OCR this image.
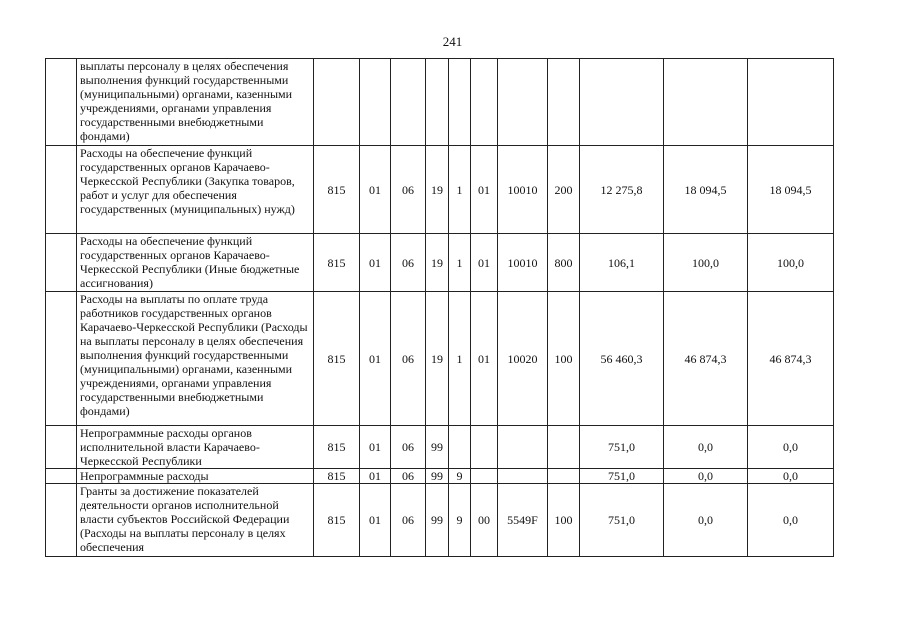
241
	выплаты персоналу в целях обеспечения выполнения функций государственными (муниципальными) органами, казенными учреждениями, органами управления государственными внебюджетными фондами)											
	Расходы на обеспечение функций государственных органов Карачаево-Черкесской Республики (Закупка товаров, работ и услуг для обеспечения государственных (муниципальных) нужд)	815	01	06	19	1	01	10010	200	12 275,8	18 094,5	18 094,5
	Расходы на обеспечение функций государственных органов Карачаево-Черкесской Республики (Иные бюджетные ассигнования)	815	01	06	19	1	01	10010	800	106,1	100,0	100,0
	Расходы на выплаты по оплате труда работников государственных органов Карачаево-Черкесской Республики (Расходы на выплаты персоналу в целях обеспечения выполнения функций государственными (муниципальными) органами, казенными учреждениями, органами управления государственными внебюджетными фондами)	815	01	06	19	1	01	10020	100	56 460,3	46 874,3	46 874,3
	Непрограммные расходы органов исполнительной власти Карачаево-Черкесской Республики	815	01	06	99					751,0	0,0	0,0
	Непрограммные расходы	815	01	06	99	9				751,0	0,0	0,0
	Гранты за достижение показателей деятельности органов исполнительной власти субъектов Российской Федерации (Расходы на выплаты персоналу в целях обеспечения	815	01	06	99	9	00	5549F	100	751,0	0,0	0,0
